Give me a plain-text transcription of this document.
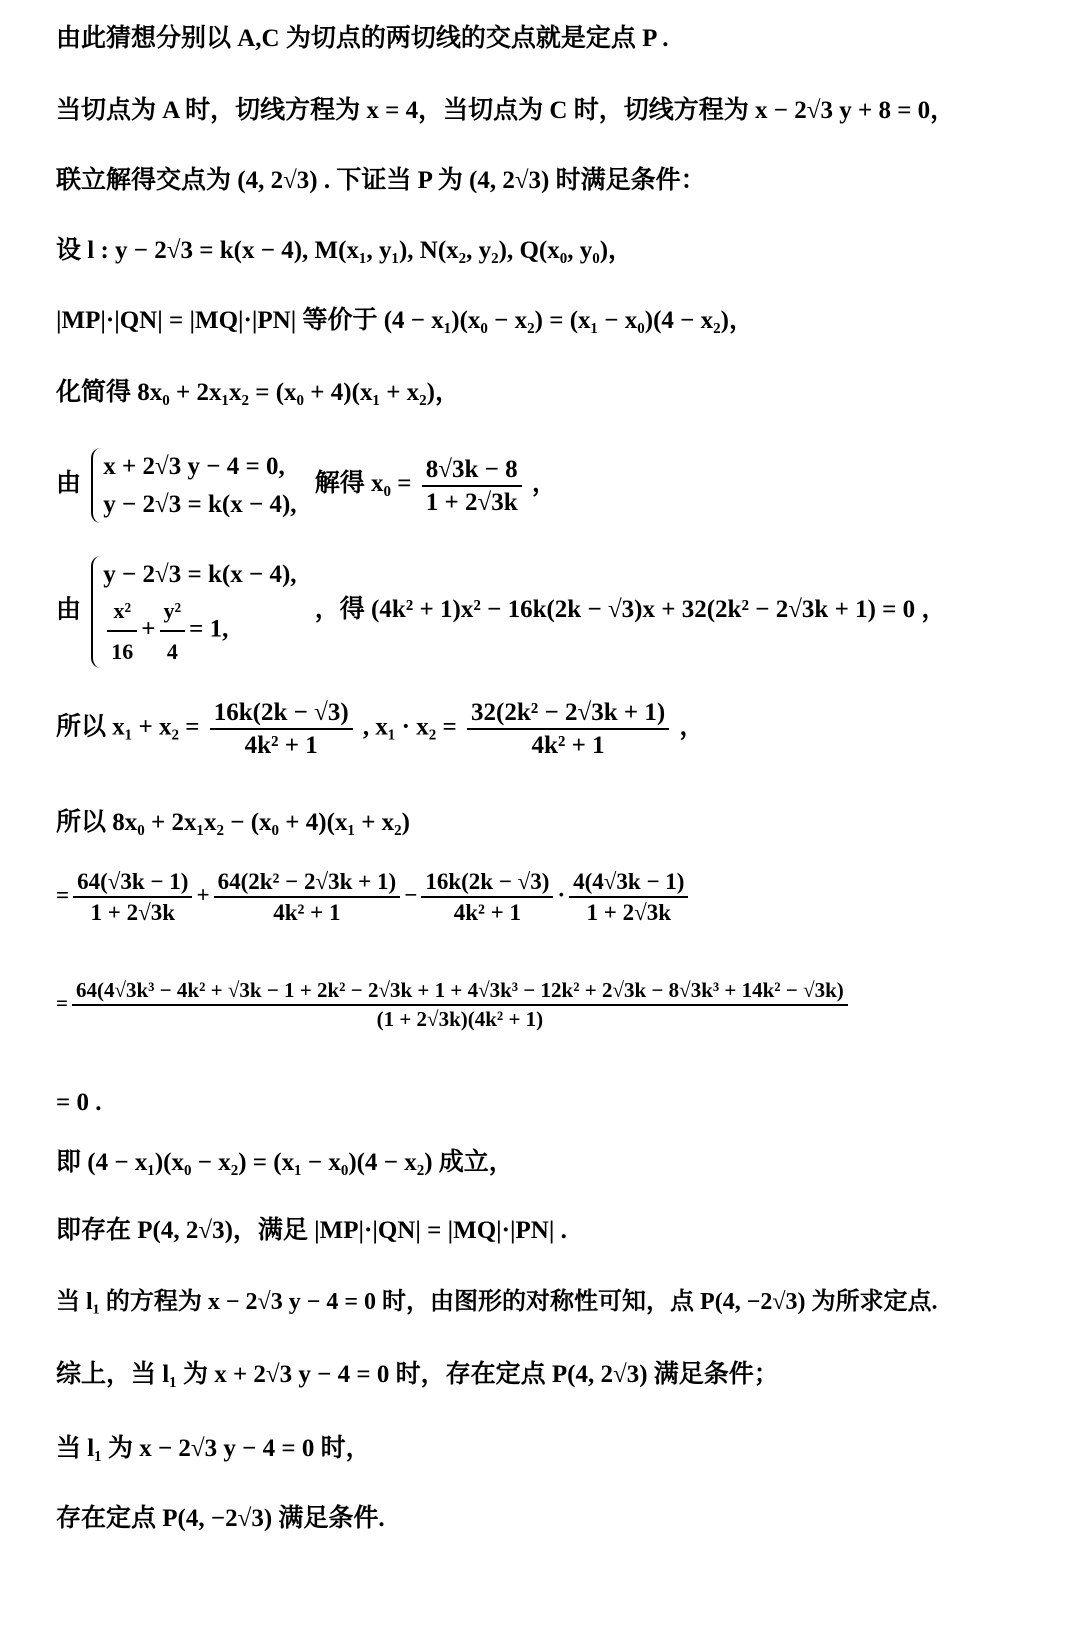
由此猜想分别以 A,C 为切点的两切线的交点就是定点 P .
当切点为 A 时，切线方程为 x = 4，当切点为 C 时，切线方程为 x − 2√3 y + 8 = 0，
联立解得交点为 (4, 2√3) . 下证当 P 为 (4, 2√3) 时满足条件：
设 l : y − 2√3 = k(x − 4), M(x₁, y₁), N(x₂, y₂), Q(x₀, y₀)，
|MP|·|QN| = |MQ|·|PN| 等价于 (4 − x₁)(x₀ − x₂) = (x₁ − x₀)(4 − x₂)，
化简得 8x₀ + 2x₁x₂ = (x₀ + 4)(x₁ + x₂)，
由
x + 2√3 y − 4 = 0,
y − 2√3 = k(x − 4),
解得 $x_0 = \frac{8√3k - 8}{1 + 2√3k}$ ，
由
y − 2√3 = k(x − 4),
$\frac{\text{x²}}{16} + \frac{\text{y²}}{4} = 1$,
，得 (4k² + 1)x² − 16k(2k − √3)x + 32(2k² − 2√3k + 1) = 0 ，
所以 $x_1 + x_2 = \frac{16k(2k - √3)}{\text{4k² + 1}}$ , $x_1 \cdot x_2 = \frac{\text{32(2k² − 2√3k + 1)}}{\text{4k² + 1}}$ ，
所以 8x₀ + 2x₁x₂ − (x₀ + 4)(x₁ + x₂)
= $\frac{64(√3k - 1)}{1 + 2√3k} + \frac{\text{64(2k² − 2√3k + 1)}}{\text{4k² + 1}} - \frac{16k(2k - √3)}{\text{4k² + 1}} \cdot \frac{4(4√3k - 1)}{1 + 2√3k}$
=
64(4√3k³ − 4k² + √3k − 1 + 2k² − 2√3k + 1 + 4√3k³ − 12k² + 2√3k − 8√3k³ + 14k² − √3k)
(1 + 2√3k)(4k² + 1)
= 0 .
即 (4 − x₁)(x₀ − x₂) = (x₁ − x₀)(4 − x₂) 成立，
即存在 P(4, 2√3)，满足 |MP|·|QN| = |MQ|·|PN| .
当 l₁ 的方程为 x − 2√3 y − 4 = 0 时，由图形的对称性可知，点 P(4, −2√3) 为所求定点.
综上，当 l₁ 为 x + 2√3 y − 4 = 0 时，存在定点 P(4, 2√3) 满足条件；
当 l₁ 为 x − 2√3 y − 4 = 0 时，
存在定点 P(4, −2√3) 满足条件.
